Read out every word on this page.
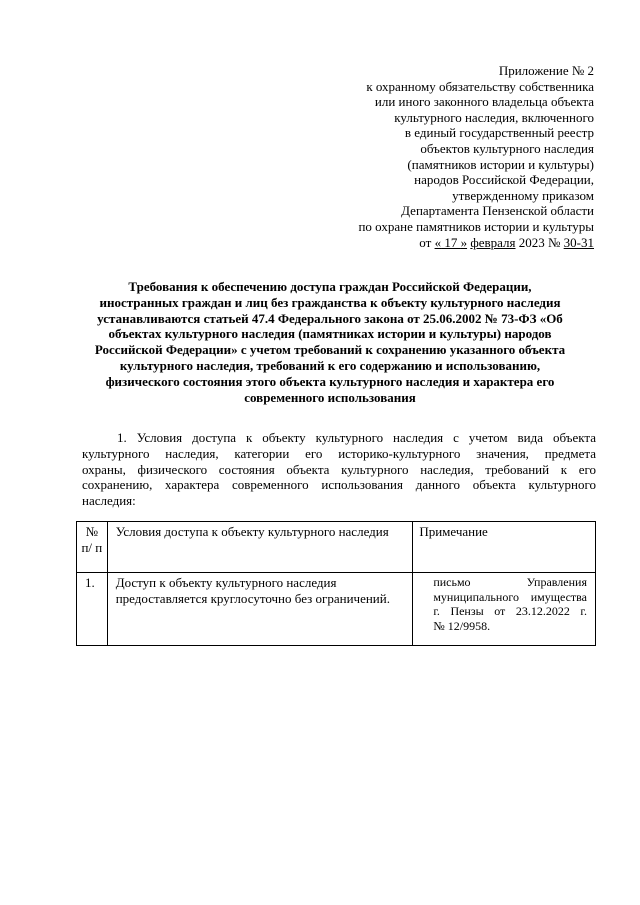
Приложение № 2
к охранному обязательству собственника
или иного законного владельца объекта
культурного наследия, включенного
в единый государственный реестр
объектов культурного наследия
(памятников истории и культуры)
народов Российской Федерации,
утвержденному приказом
Департамента Пензенской области
по охране памятников истории и культуры
от « 17 » февраля 2023 № 30-31
Требования к обеспечению доступа граждан Российской Федерации,
иностранных граждан и лиц без гражданства к объекту культурного наследия
устанавливаются статьей 47.4 Федерального закона от 25.06.2002 № 73-ФЗ «Об
объектах культурного наследия (памятниках истории и культуры) народов
Российской Федерации» с учетом требований к сохранению указанного объекта
культурного наследия, требований к его содержанию и использованию,
физического состояния этого объекта культурного наследия и характера его
современного использования
1. Условия доступа к объекту культурного наследия с учетом вида объекта
культурного наследия, категории его историко-культурного значения, предмета
охраны, физического состояния объекта культурного наследия, требований к его
сохранению, характера современного использования данного объекта культурного
наследия:
№ п/ п	Условия доступа к объекту культурного наследия	Примечание
1.	Доступ к объекту культурного наследия предоставляется круглосуточно без ограничений.	письмо Управления
муниципального имущества
г. Пензы от 23.12.2022 г.
№ 12/9958.
